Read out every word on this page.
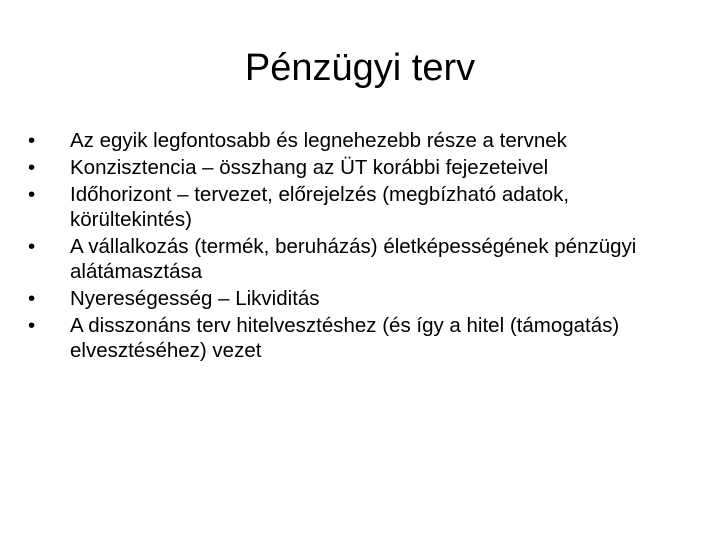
Pénzügyi terv
•	Az egyik legfontosabb és legnehezebb része a tervnek
•	Konzisztencia – összhang az ÜT korábbi fejezeteivel
•	Időhorizont – tervezet, előrejelzés (megbízható adatok, körültekintés)
•	A vállalkozás (termék, beruházás) életképességének pénzügyi alátámasztása
•	Nyereségesség – Likviditás
•	A disszonáns terv hitelvesztéshez (és így a hitel (támogatás) elvesztéséhez) vezet
